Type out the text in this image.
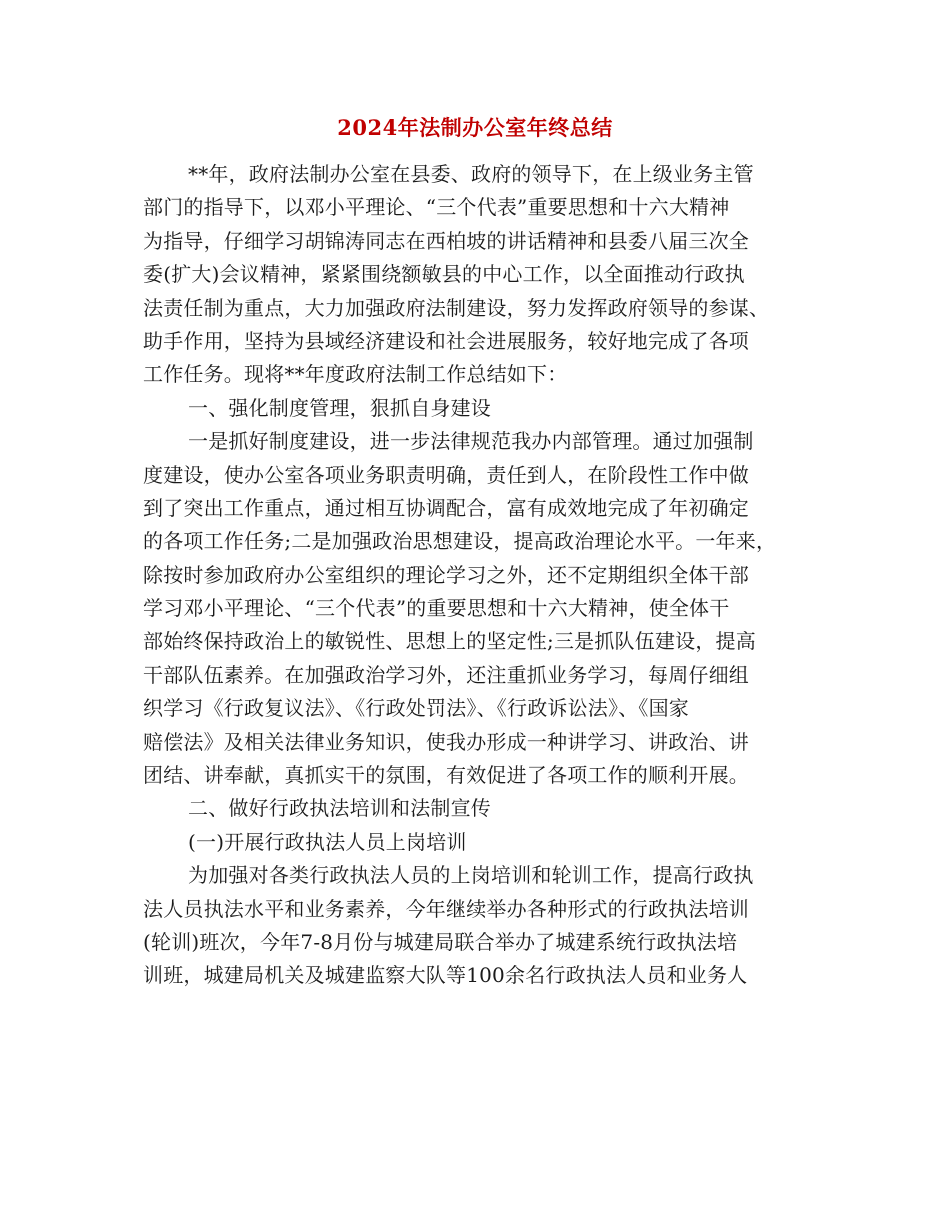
2024年法制办公室年终总结
**年，政府法制办公室在县委、政府的领导下，在上级业务主管
部门的指导下，以邓小平理论、“三个代表”重要思想和十六大精神
为指导，仔细学习胡锦涛同志在西柏坡的讲话精神和县委八届三次全
委(扩大)会议精神，紧紧围绕额敏县的中心工作，以全面推动行政执
法责任制为重点，大力加强政府法制建设，努力发挥政府领导的参谋、
助手作用，坚持为县域经济建设和社会进展服务，较好地完成了各项
工作任务。现将**年度政府法制工作总结如下：
一、强化制度管理，狠抓自身建设
一是抓好制度建设，进一步法律规范我办内部管理。通过加强制
度建设，使办公室各项业务职责明确，责任到人，在阶段性工作中做
到了突出工作重点，通过相互协调配合，富有成效地完成了年初确定
的各项工作任务;二是加强政治思想建设，提高政治理论水平。一年来，
除按时参加政府办公室组织的理论学习之外，还不定期组织全体干部
学习邓小平理论、“三个代表”的重要思想和十六大精神，使全体干
部始终保持政治上的敏锐性、思想上的坚定性;三是抓队伍建设，提高
干部队伍素养。在加强政治学习外，还注重抓业务学习，每周仔细组
织学习《行政复议法》、《行政处罚法》、《行政诉讼法》、《国家
赔偿法》及相关法律业务知识，使我办形成一种讲学习、讲政治、讲
团结、讲奉献，真抓实干的氛围，有效促进了各项工作的顺利开展。
二、做好行政执法培训和法制宣传
(一)开展行政执法人员上岗培训
为加强对各类行政执法人员的上岗培训和轮训工作，提高行政执
法人员执法水平和业务素养，今年继续举办各种形式的行政执法培训
(轮训)班次，今年7-8月份与城建局联合举办了城建系统行政执法培
训班，城建局机关及城建监察大队等100余名行政执法人员和业务人
